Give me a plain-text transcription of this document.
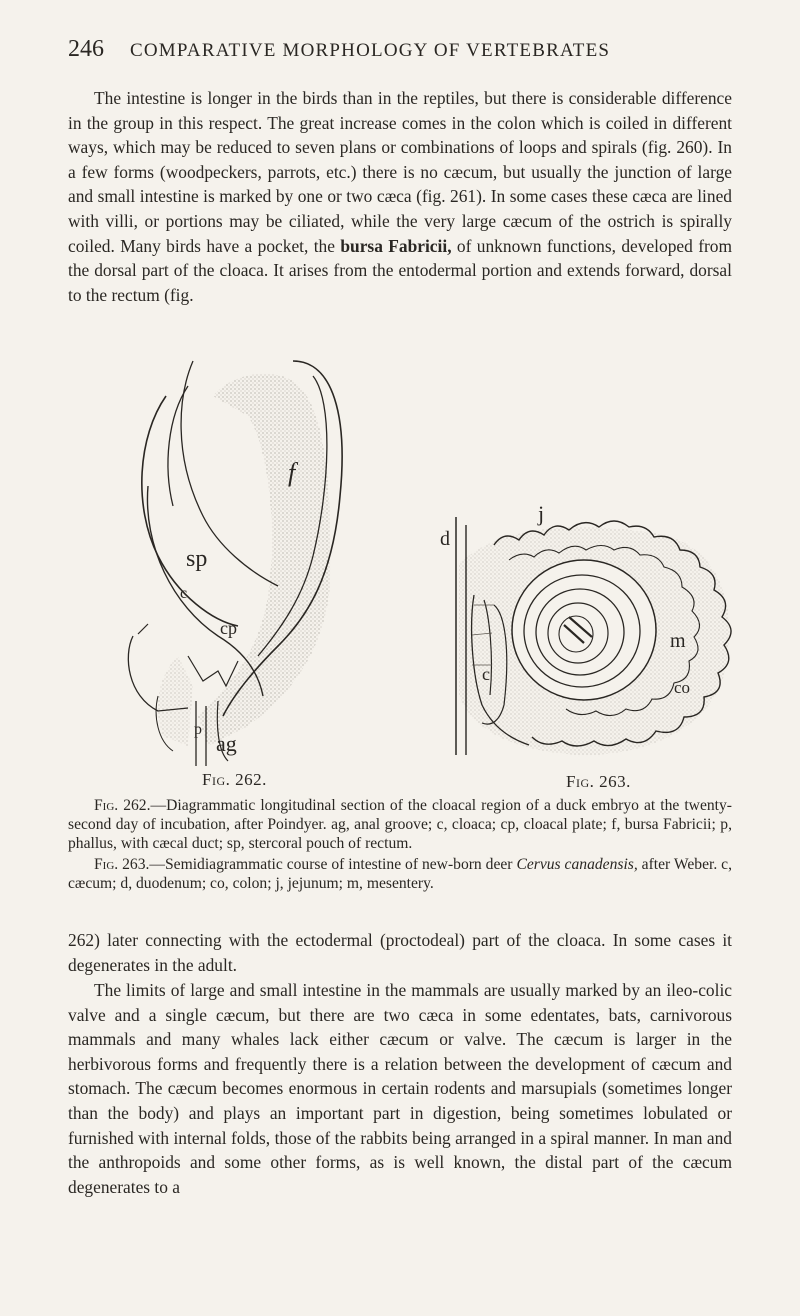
246 COMPARATIVE MORPHOLOGY OF VERTEBRATES

The intestine is longer in the birds than in the reptiles, but there is considerable difference in the group in this respect. The great increase comes in the colon which is coiled in different ways, which may be reduced to seven plans or combinations of loops and spirals (fig. 260). In a few forms (woodpeckers, parrots, etc.) there is no cæcum, but usually the junction of large and small intestine is marked by one or two cæca (fig. 261). In some cases these cæca are lined with villi, or portions may be ciliated, while the very large cæcum of the ostrich is spirally coiled. Many birds have a pocket, the bursa Fabricii, of unknown functions, developed from the dorsal part of the cloaca. It arises from the entodermal portion and extends forward, dorsal to the rectum (fig.

sp
f
c
cp
p
ag
j
d
c
co
m
Fig. 262.	Fig. 263.

Fig. 262.—Diagrammatic longitudinal section of the cloacal region of a duck embryo at the twenty-second day of incubation, after Poindyer. ag, anal groove; c, cloaca; cp, cloacal plate; f, bursa Fabricii; p, phallus, with cæcal duct; sp, stercoral pouch of rectum.

Fig. 263.—Semidiagrammatic course of intestine of new-born deer Cervus canadensis, after Weber. c, cæcum; d, duodenum; co, colon; j, jejunum; m, mesentery.

262) later connecting with the ectodermal (proctodeal) part of the cloaca. In some cases it degenerates in the adult.

The limits of large and small intestine in the mammals are usually marked by an ileo-colic valve and a single cæcum, but there are two cæca in some edentates, bats, carnivorous mammals and many whales lack either cæcum or valve. The cæcum is larger in the herbivorous forms and frequently there is a relation between the development of cæcum and stomach. The cæcum becomes enormous in certain rodents and marsupials (sometimes longer than the body) and plays an important part in digestion, being sometimes lobulated or furnished with internal folds, those of the rabbits being arranged in a spiral manner. In man and the anthropoids and some other forms, as is well known, the distal part of the cæcum degenerates to a
